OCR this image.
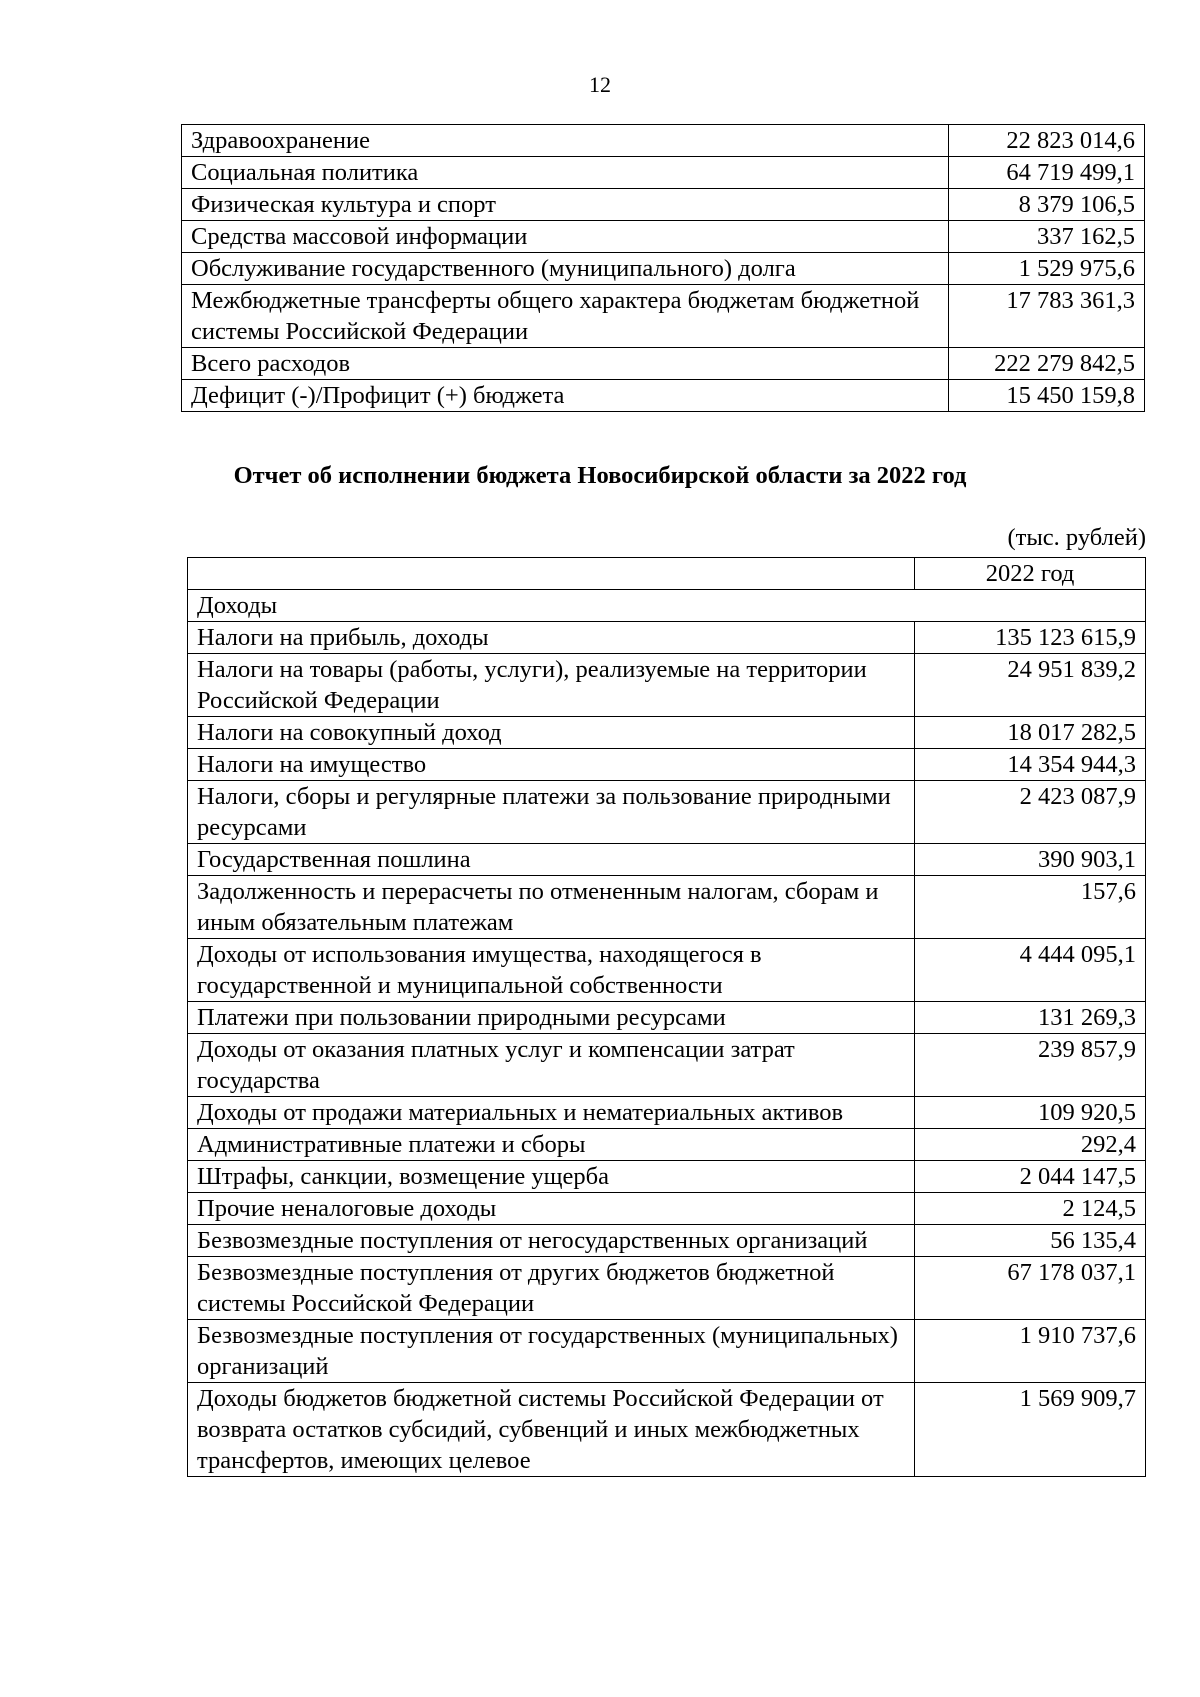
12
Здравоохранение	22 823 014,6
Социальная политика	64 719 499,1
Физическая культура и спорт	8 379 106,5
Средства массовой информации	337 162,5
Обслуживание государственного (муниципального) долга	1 529 975,6
Межбюджетные трансферты общего характера бюджетам бюджетной системы Российской Федерации	17 783 361,3
Всего расходов	222 279 842,5
Дефицит (-)/Профицит (+) бюджета	15 450 159,8
Отчет об исполнении бюджета Новосибирской области за 2022 год
(тыс. рублей)
	2022 год
Доходы	
Налоги на прибыль, доходы	135 123 615,9
Налоги на товары (работы, услуги), реализуемые на территории Российской Федерации	24 951 839,2
Налоги на совокупный доход	18 017 282,5
Налоги на имущество	14 354 944,3
Налоги, сборы и регулярные платежи за пользование природными ресурсами	2 423 087,9
Государственная пошлина	390 903,1
Задолженность и перерасчеты по отмененным налогам, сборам и иным обязательным платежам	157,6
Доходы от использования имущества, находящегося в государственной и муниципальной собственности	4 444 095,1
Платежи при пользовании природными ресурсами	131 269,3
Доходы от оказания платных услуг и компенсации затрат государства	239 857,9
Доходы от продажи материальных и нематериальных активов	109 920,5
Административные платежи и сборы	292,4
Штрафы, санкции, возмещение ущерба	2 044 147,5
Прочие неналоговые доходы	2 124,5
Безвозмездные поступления от негосударственных организаций	56 135,4
Безвозмездные поступления от других бюджетов бюджетной системы Российской Федерации	67 178 037,1
Безвозмездные поступления от государственных (муниципальных) организаций	1 910 737,6
Доходы бюджетов бюджетной системы Российской Федерации от возврата остатков субсидий, субвенций и иных межбюджетных трансфертов, имеющих целевое	1 569 909,7
